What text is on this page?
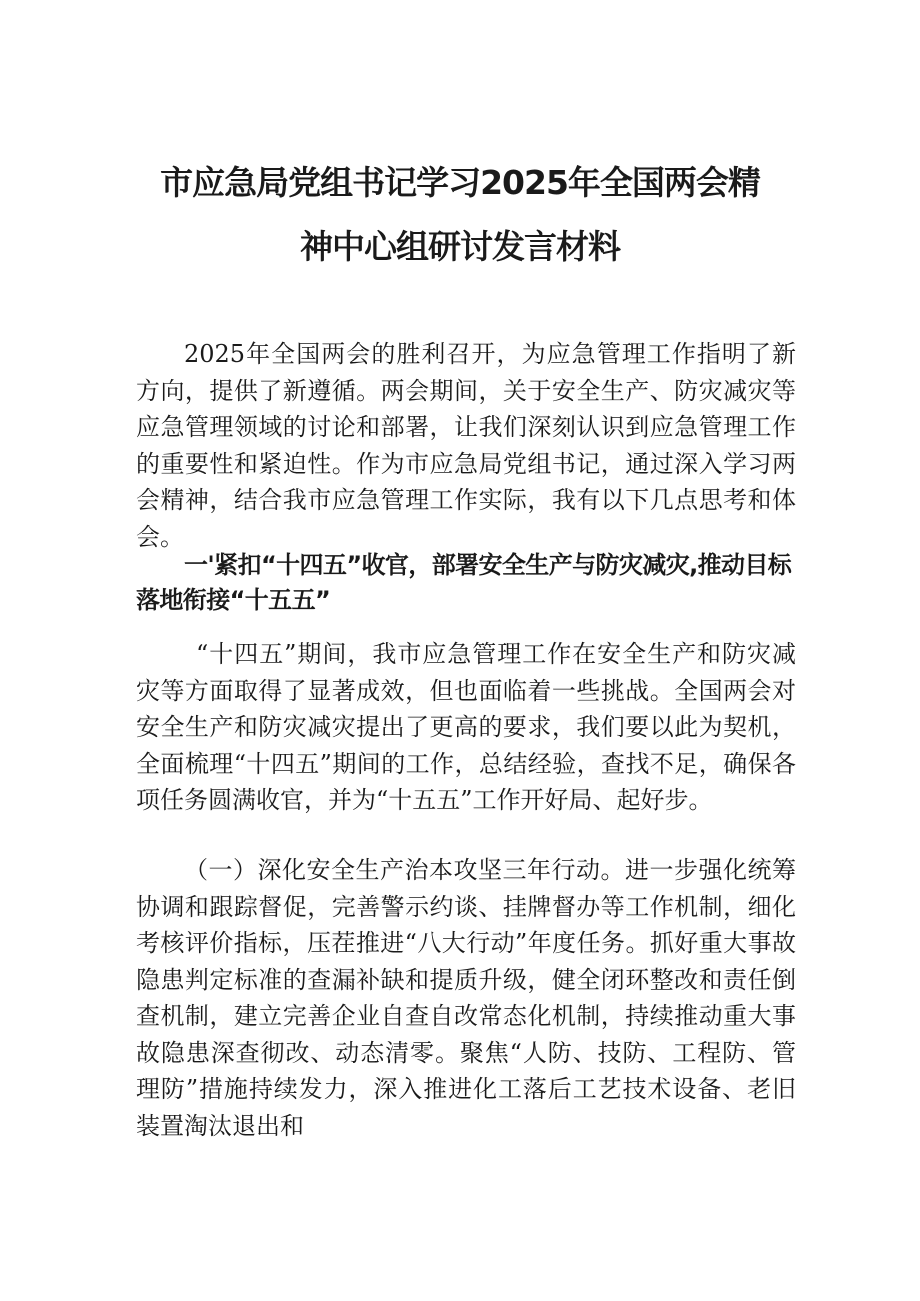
市应急局党组书记学习2025年全国两会精
神中心组研讨发言材料

2025年全国两会的胜利召开，为应急管理工作指明了新方向，提供了新遵循。两会期间，关于安全生产、防灾减灾等应急管理领域的讨论和部署，让我们深刻认识到应急管理工作的重要性和紧迫性。作为市应急局党组书记，通过深入学习两会精神，结合我市应急管理工作实际，我有以下几点思考和体会。

一'紧扣“十四五”收官，部署安全生产与防灾减灾,推动目标落地衔接“十五五”

“十四五”期间，我市应急管理工作在安全生产和防灾减灾等方面取得了显著成效，但也面临着一些挑战。全国两会对安全生产和防灾减灾提出了更高的要求，我们要以此为契机，全面梳理“十四五”期间的工作，总结经验，查找不足，确保各项任务圆满收官，并为“十五五”工作开好局、起好步。

（一）深化安全生产治本攻坚三年行动。进一步强化统筹协调和跟踪督促，完善警示约谈、挂牌督办等工作机制，细化考核评价指标，压茬推进“八大行动”年度任务。抓好重大事故隐患判定标准的查漏补缺和提质升级，健全闭环整改和责任倒查机制，建立完善企业自查自改常态化机制，持续推动重大事故隐患深查彻改、动态清零。聚焦“人防、技防、工程防、管理防”措施持续发力，深入推进化工落后工艺技术设备、老旧装置淘汰退出和
